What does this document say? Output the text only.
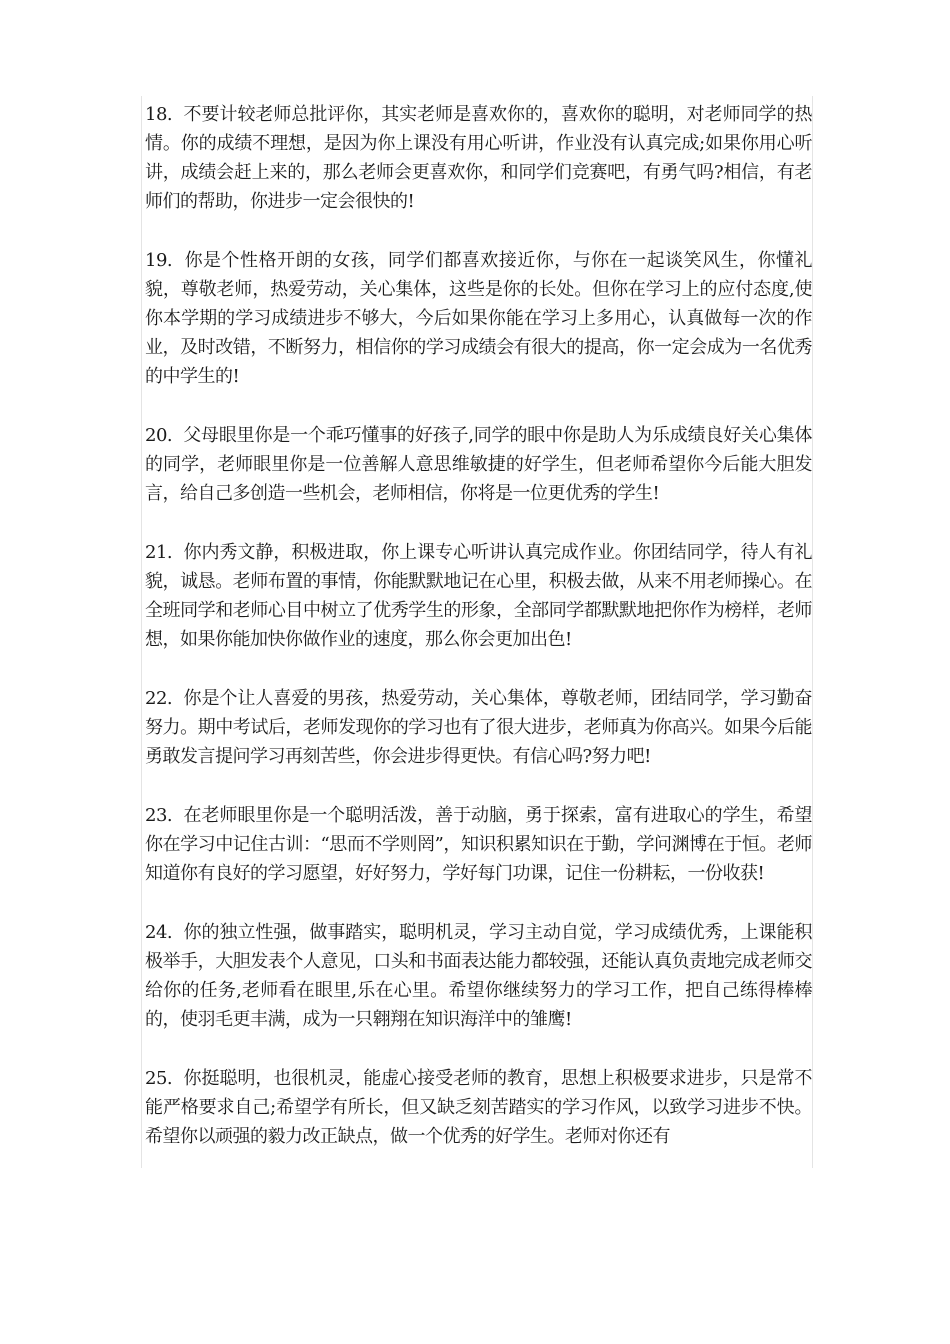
18. 不要计较老师总批评你，其实老师是喜欢你的，喜欢你的聪明，对老师同学的热情。你的成绩不理想，是因为你上课没有用心听讲，作业没有认真完成;如果你用心听讲，成绩会赶上来的，那么老师会更喜欢你，和同学们竞赛吧，有勇气吗?相信，有老师们的帮助，你进步一定会很快的!

19. 你是个性格开朗的女孩，同学们都喜欢接近你，与你在一起谈笑风生，你懂礼貌，尊敬老师，热爱劳动，关心集体，这些是你的长处。但你在学习上的应付态度,使你本学期的学习成绩进步不够大，今后如果你能在学习上多用心，认真做每一次的作业，及时改错，不断努力，相信你的学习成绩会有很大的提高，你一定会成为一名优秀的中学生的!

20. 父母眼里你是一个乖巧懂事的好孩子,同学的眼中你是助人为乐成绩良好关心集体的同学，老师眼里你是一位善解人意思维敏捷的好学生，但老师希望你今后能大胆发言，给自己多创造一些机会，老师相信，你将是一位更优秀的学生!

21. 你内秀文静，积极进取，你上课专心听讲认真完成作业。你团结同学，待人有礼貌，诚恳。老师布置的事情，你能默默地记在心里，积极去做，从来不用老师操心。在全班同学和老师心目中树立了优秀学生的形象，全部同学都默默地把你作为榜样，老师想，如果你能加快你做作业的速度，那么你会更加出色!

22. 你是个让人喜爱的男孩，热爱劳动，关心集体，尊敬老师，团结同学，学习勤奋努力。期中考试后，老师发现你的学习也有了很大进步，老师真为你高兴。如果今后能勇敢发言提问学习再刻苦些，你会进步得更快。有信心吗?努力吧!

23. 在老师眼里你是一个聪明活泼，善于动脑，勇于探索，富有进取心的学生，希望你在学习中记住古训：“思而不学则罔”，知识积累知识在于勤，学问渊博在于恒。老师知道你有良好的学习愿望，好好努力，学好每门功课，记住一份耕耘，一份收获!

24. 你的独立性强，做事踏实，聪明机灵，学习主动自觉，学习成绩优秀，上课能积极举手，大胆发表个人意见，口头和书面表达能力都较强，还能认真负责地完成老师交给你的任务,老师看在眼里,乐在心里。希望你继续努力的学习工作，把自己练得棒棒的，使羽毛更丰满，成为一只翱翔在知识海洋中的雏鹰!

25. 你挺聪明，也很机灵，能虚心接受老师的教育，思想上积极要求进步，只是常不能严格要求自己;希望学有所长，但又缺乏刻苦踏实的学习作风，以致学习进步不快。希望你以顽强的毅力改正缺点，做一个优秀的好学生。老师对你还有
